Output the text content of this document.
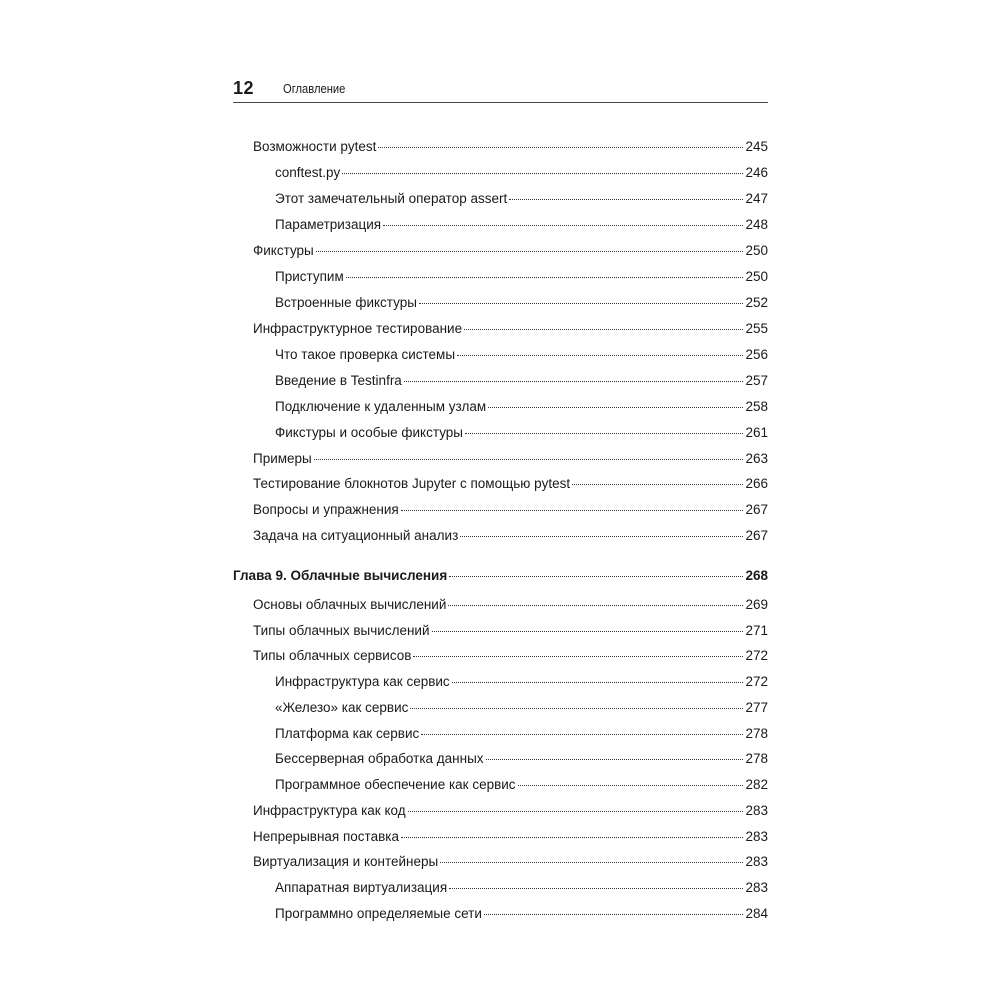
12 Оглавление
Возможности pytest	245
conftest.py	246
Этот замечательный оператор assert	247
Параметризация	248
Фикстуры	250
Приступим	250
Встроенные фикстуры	252
Инфраструктурное тестирование	255
Что такое проверка системы	256
Введение в Testinfra	257
Подключение к удаленным узлам	258
Фикстуры и особые фикстуры	261
Примеры	263
Тестирование блокнотов Jupyter с помощью pytest	266
Вопросы и упражнения	267
Задача на ситуационный анализ	267
Глава 9. Облачные вычисления	268
Основы облачных вычислений	269
Типы облачных вычислений	271
Типы облачных сервисов	272
Инфраструктура как сервис	272
«Железо» как сервис	277
Платформа как сервис	278
Бессерверная обработка данных	278
Программное обеспечение как сервис	282
Инфраструктура как код	283
Непрерывная поставка	283
Виртуализация и контейнеры	283
Аппаратная виртуализация	283
Программно определяемые сети	284
